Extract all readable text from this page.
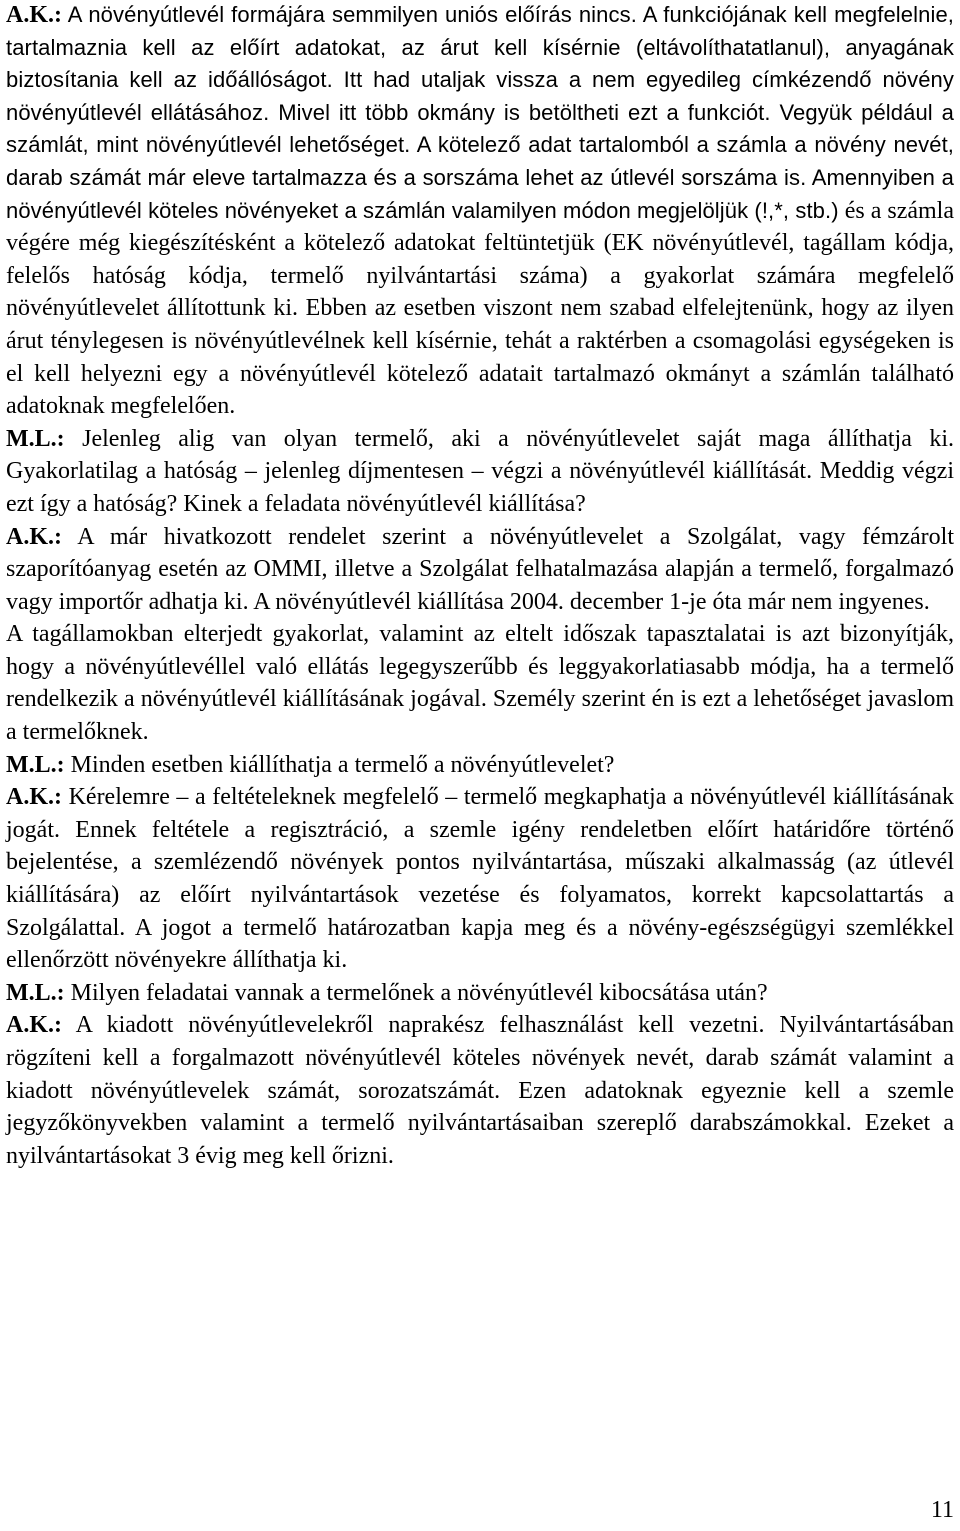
A.K.: A növényútlevél formájára semmilyen uniós előírás nincs. A funkciójának kell megfelelnie, tartalmaznia kell az előírt adatokat, az árut kell kísérnie (eltávolíthatatlanul), anyagának biztosítania kell az időállóságot. Itt had utaljak vissza a nem egyedileg címkézendő növény növényútlevél ellátásához. Mivel itt több okmány is betöltheti ezt a funkciót. Vegyük például a számlát, mint növényútlevél lehetőséget. A kötelező adat tartalomból a számla a növény nevét, darab számát már eleve tartalmazza és a sorszáma lehet az útlevél sorszáma is. Amennyiben a növényútlevél köteles növényeket a számlán valamilyen módon megjelöljük (!,*, stb.) és a számla végére még kiegészítésként a kötelező adatokat feltüntetjük (EK növényútlevél, tagállam kódja, felelős hatóság kódja, termelő nyilvántartási száma) a gyakorlat számára megfelelő növényútlevelet állítottunk ki. Ebben az esetben viszont nem szabad elfelejtenünk, hogy az ilyen árut ténylegesen is növényútlevélnek kell kísérnie, tehát a raktérben a csomagolási egységeken is el kell helyezni egy a növényútlevél kötelező adatait tartalmazó okmányt a számlán található adatoknak megfelelően.

M.L.: Jelenleg alig van olyan termelő, aki a növényútlevelet saját maga állíthatja ki. Gyakorlatilag a hatóság – jelenleg díjmentesen – végzi a növényútlevél kiállítását. Meddig végzi ezt így a hatóság? Kinek a feladata növényútlevél kiállítása?

A.K.: A már hivatkozott rendelet szerint a növényútlevelet a Szolgálat, vagy fémzárolt szaporítóanyag esetén az OMMI, illetve a Szolgálat felhatalmazása alapján a termelő, forgalmazó vagy importőr adhatja ki. A növényútlevél kiállítása 2004. december 1-je óta már nem ingyenes.

A tagállamokban elterjedt gyakorlat, valamint az eltelt időszak tapasztalatai is azt bizonyítják, hogy a növényútlevéllel való ellátás legegyszerűbb és leggyakorlatiasabb módja, ha a termelő rendelkezik a növényútlevél kiállításának jogával. Személy szerint én is ezt a lehetőséget javaslom a termelőknek.

M.L.: Minden esetben kiállíthatja a termelő a növényútlevelet?

A.K.: Kérelemre – a feltételeknek megfelelő – termelő megkaphatja a növényútlevél kiállításának jogát. Ennek feltétele a regisztráció, a szemle igény rendeletben előírt határidőre történő bejelentése, a szemlézendő növények pontos nyilvántartása, műszaki alkalmasság (az útlevél kiállítására) az előírt nyilvántartások vezetése és folyamatos, korrekt kapcsolattartás a Szolgálattal. A jogot a termelő határozatban kapja meg és a növény-egészségügyi szemlékkel ellenőrzött növényekre állíthatja ki.

M.L.: Milyen feladatai vannak a termelőnek a növényútlevél kibocsátása után?

A.K.: A kiadott növényútlevelekről naprakész felhasználást kell vezetni. Nyilvántartásában rögzíteni kell a forgalmazott növényútlevél köteles növények nevét, darab számát valamint a kiadott növényútlevelek számát, sorozatszámát. Ezen adatoknak egyeznie kell a szemle jegyzőkönyvekben valamint a termelő nyilvántartásaiban szereplő darabszámokkal. Ezeket a nyilvántartásokat 3 évig meg kell őrizni.

11
